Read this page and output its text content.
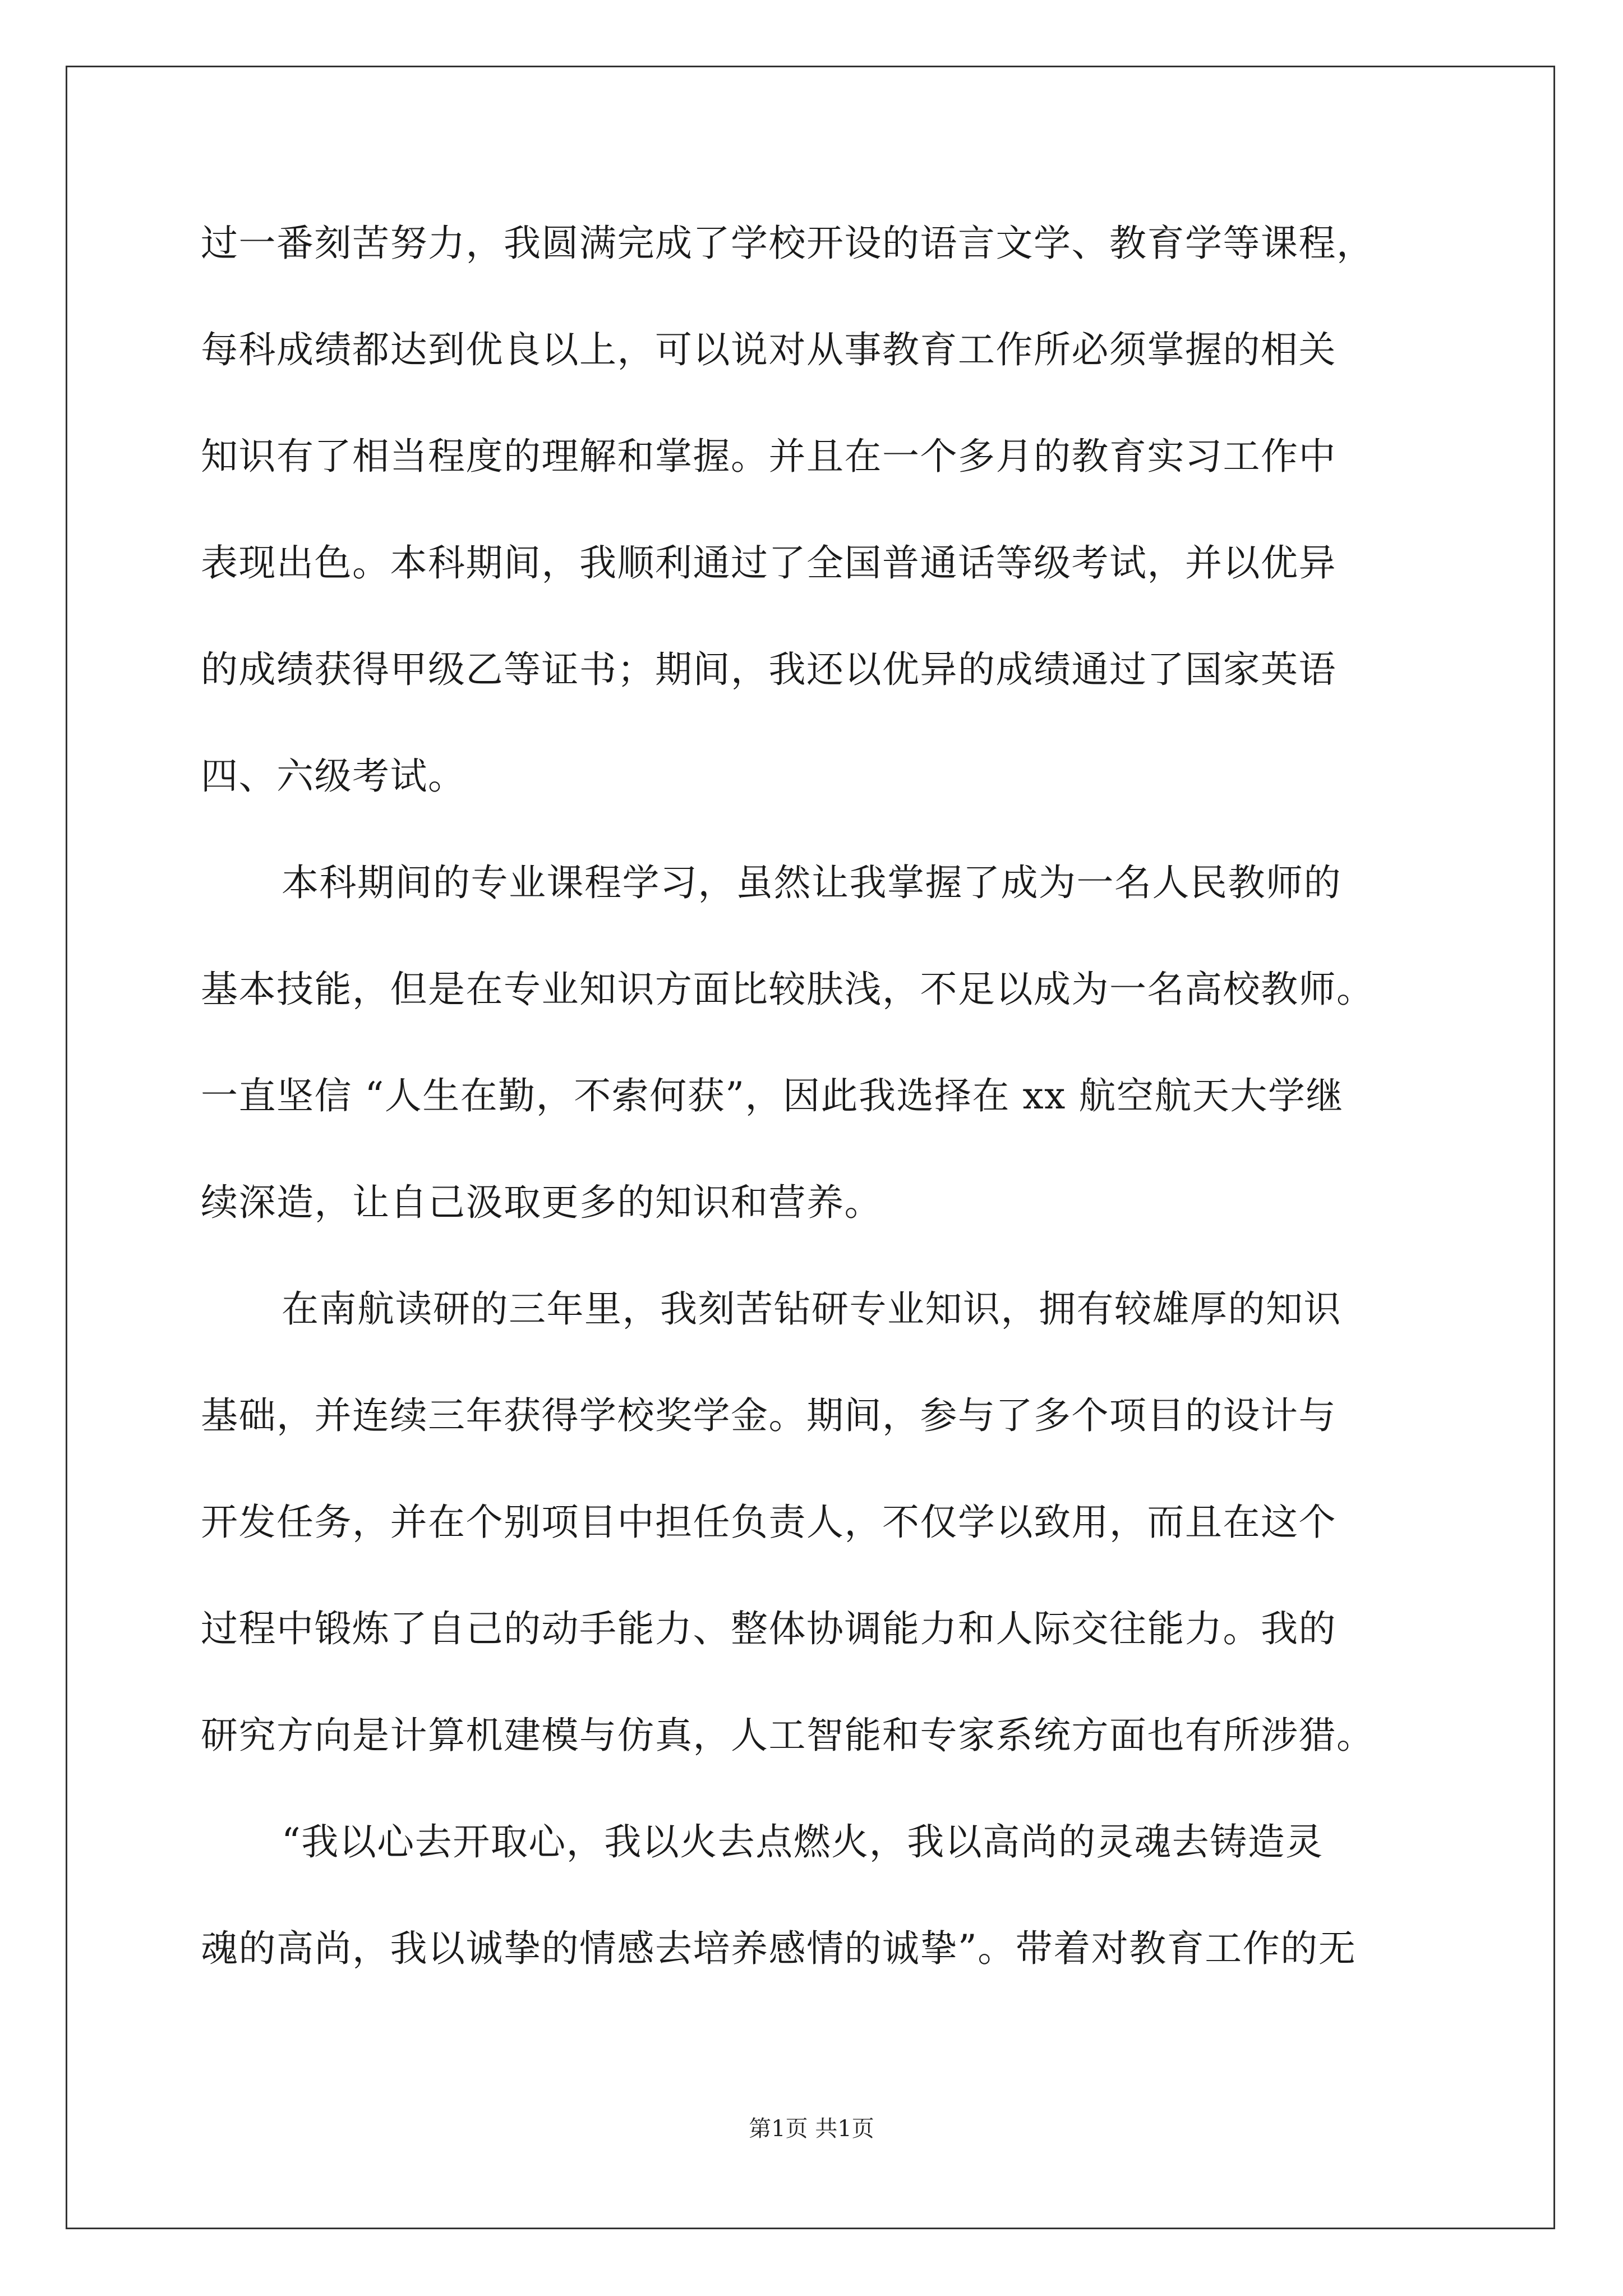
过一番刻苦努力，我圆满完成了学校开设的语言文学、教育学等课程，
每科成绩都达到优良以上，可以说对从事教育工作所必须掌握的相关
知识有了相当程度的理解和掌握。并且在一个多月的教育实习工作中
表现出色。本科期间，我顺利通过了全国普通话等级考试，并以优异
的成绩获得甲级乙等证书；期间，我还以优异的成绩通过了国家英语
四、六级考试。
本科期间的专业课程学习，虽然让我掌握了成为一名人民教师的
基本技能，但是在专业知识方面比较肤浅，不足以成为一名高校教师。
一直坚信 “人生在勤，不索何获”，因此我选择在 xx 航空航天大学继
续深造，让自己汲取更多的知识和营养。
在南航读研的三年里，我刻苦钻研专业知识，拥有较雄厚的知识
基础，并连续三年获得学校奖学金。期间，参与了多个项目的设计与
开发任务，并在个别项目中担任负责人，不仅学以致用，而且在这个
过程中锻炼了自己的动手能力、整体协调能力和人际交往能力。我的
研究方向是计算机建模与仿真，人工智能和专家系统方面也有所涉猎。
“我以心去开取心，我以火去点燃火，我以高尚的灵魂去铸造灵
魂的高尚，我以诚挚的情感去培养感情的诚挚”。带着对教育工作的无
第1页 共1页
